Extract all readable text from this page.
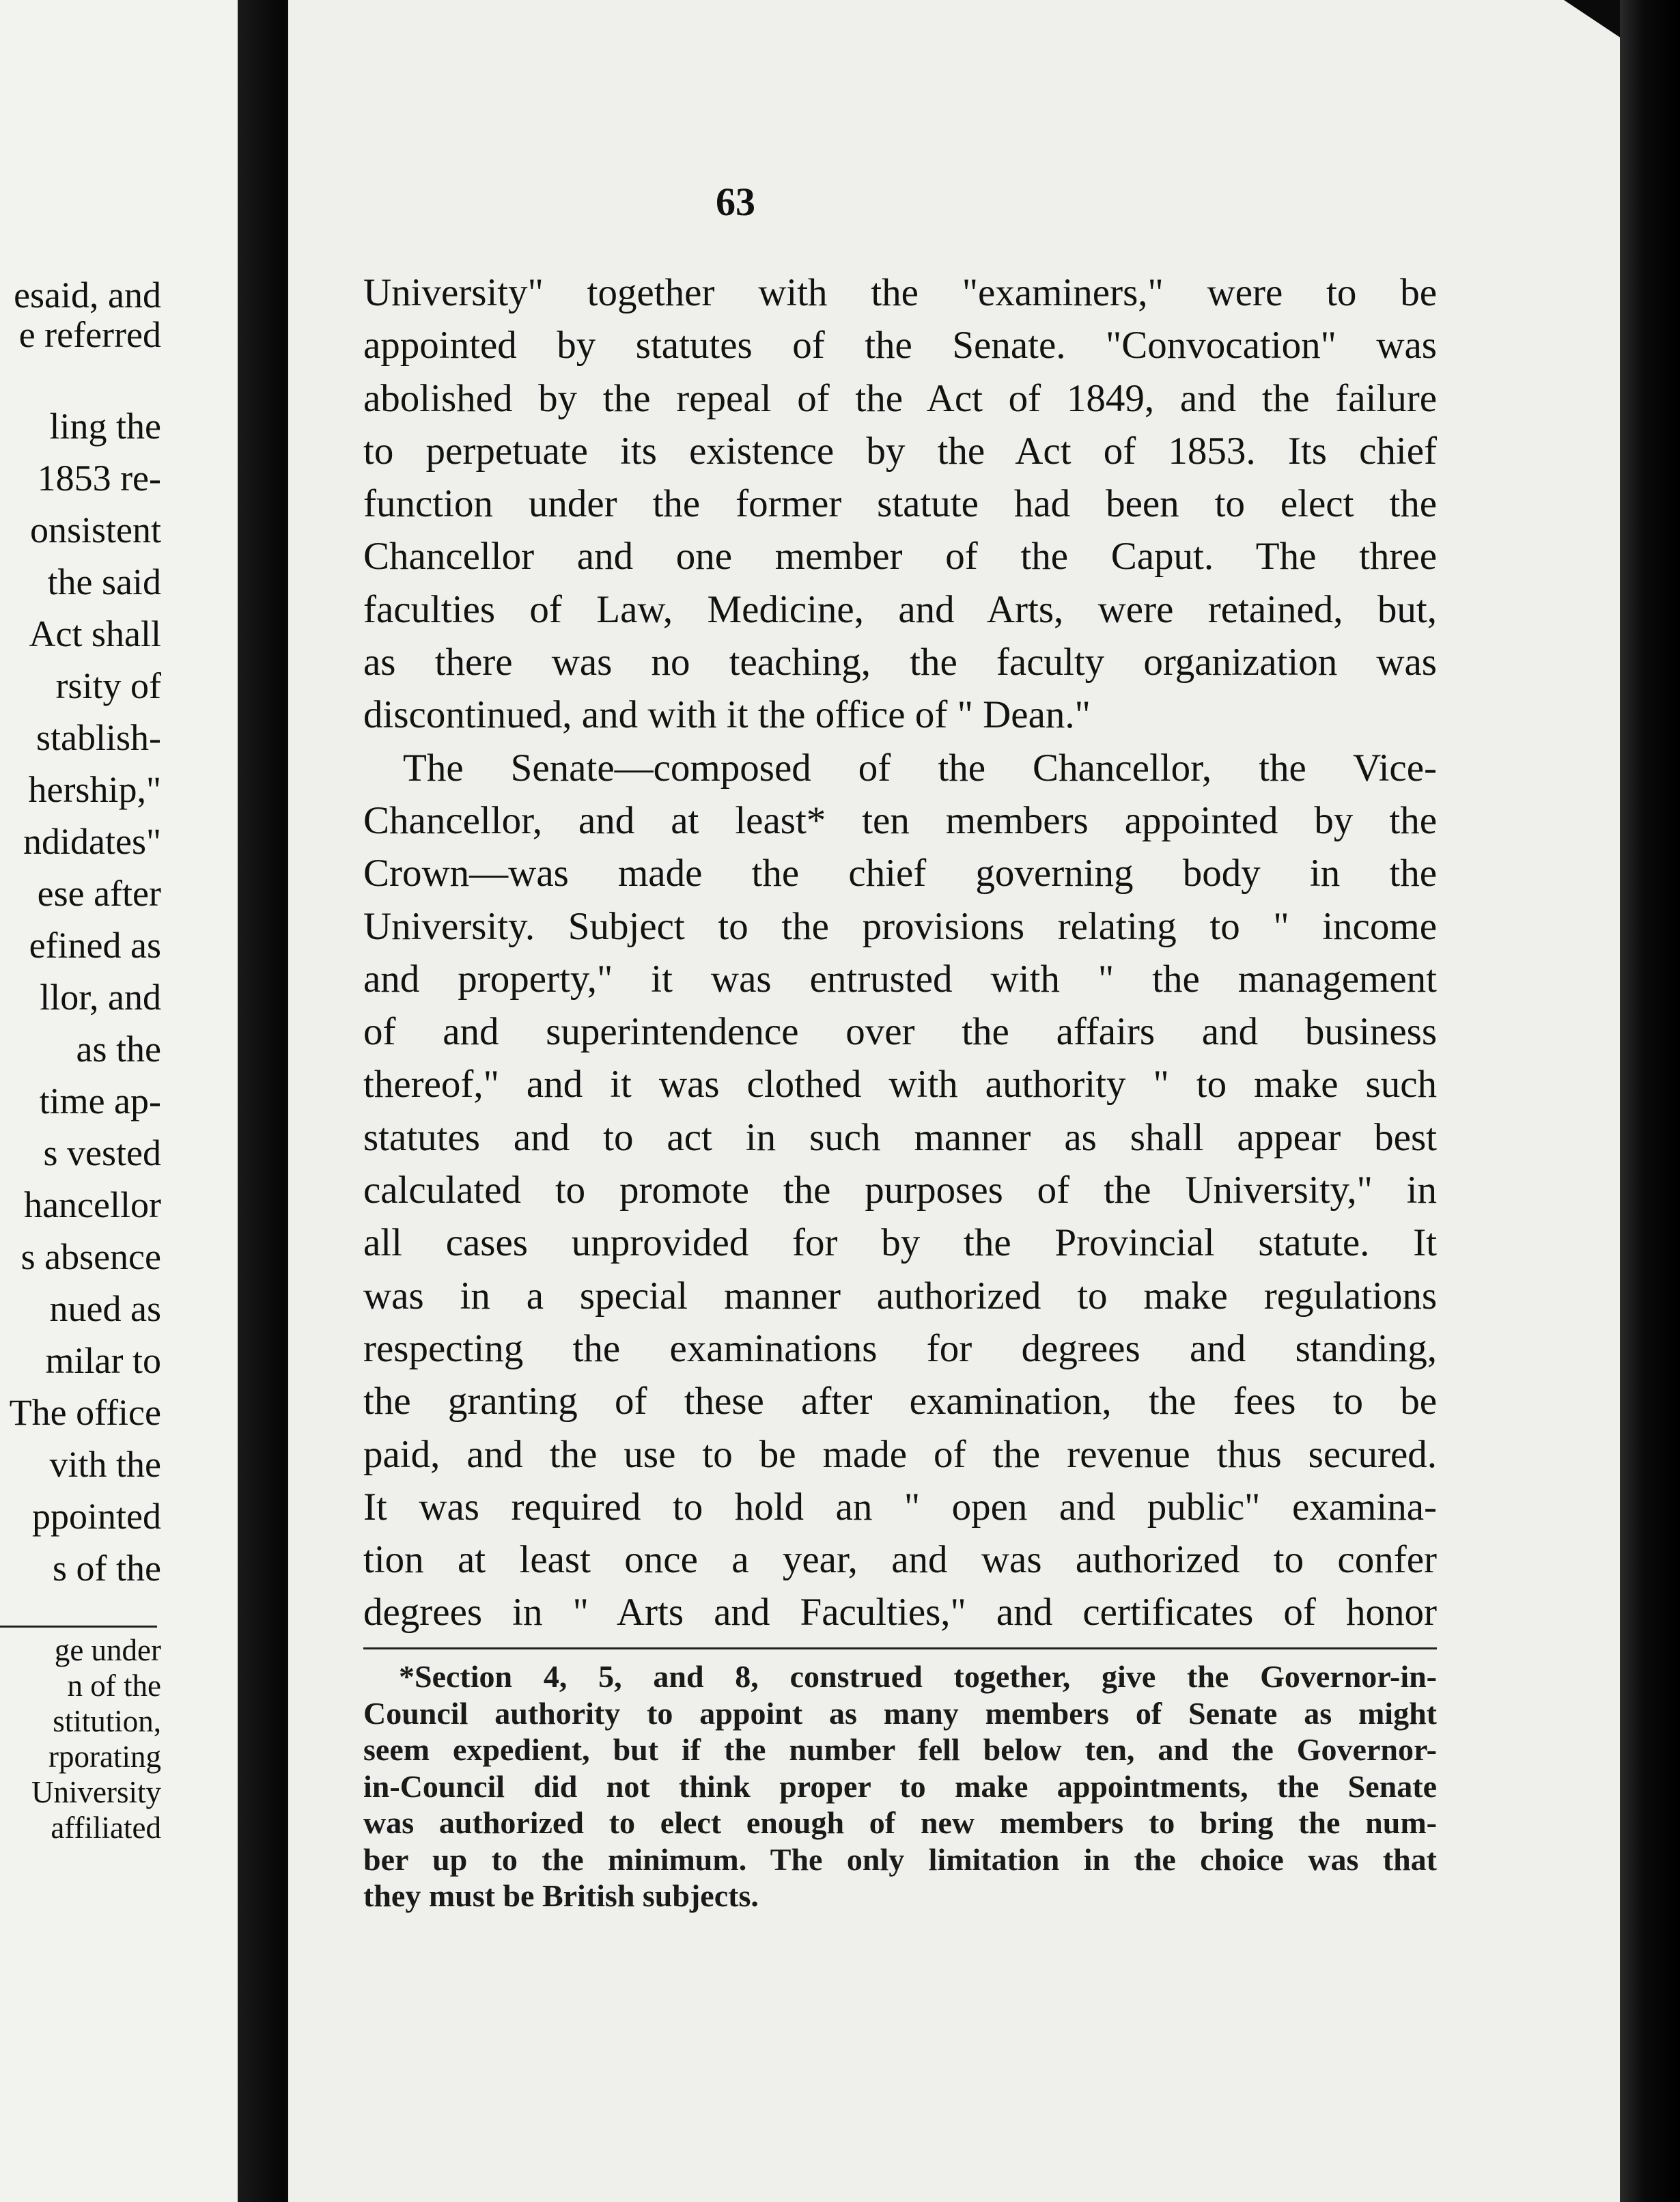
esaid, and
e referred
ling the
1853 re-
onsistent
the said
Act shall
rsity of
stablish-
hership,"
ndidates"
ese after
efined as
llor, and
as the
time ap-
s vested
hancellor
s absence
nued as
milar to
The office
vith the
ppointed
s of the
ge under
n of the
stitution,
rporating
University
affiliated
63
University" together with the "examiners," were to be
appointed by statutes of the Senate. "Convocation" was
abolished by the repeal of the Act of 1849, and the failure
to perpetuate its existence by the Act of 1853. Its chief
function under the former statute had been to elect the
Chancellor and one member of the Caput. The three
faculties of Law, Medicine, and Arts, were retained, but,
as there was no teaching, the faculty organization was
discontinued, and with it the office of " Dean."
The Senate—composed of the Chancellor, the Vice-
Chancellor, and at least* ten members appointed by the
Crown—was made the chief governing body in the
University. Subject to the provisions relating to " income
and property," it was entrusted with " the management
of and superintendence over the affairs and business
thereof," and it was clothed with authority " to make such
statutes and to act in such manner as shall appear best
calculated to promote the purposes of the University," in
all cases unprovided for by the Provincial statute. It
was in a special manner authorized to make regulations
respecting the examinations for degrees and standing,
the granting of these after examination, the fees to be
paid, and the use to be made of the revenue thus secured.
It was required to hold an " open and public" examina-
tion at least once a year, and was authorized to confer
degrees in " Arts and Faculties," and certificates of honor
*Section 4, 5, and 8, construed together, give the Governor-in-
Council authority to appoint as many members of Senate as might
seem expedient, but if the number fell below ten, and the Governor-
in-Council did not think proper to make appointments, the Senate
was authorized to elect enough of new members to bring the num-
ber up to the minimum. The only limitation in the choice was that
they must be British subjects.
